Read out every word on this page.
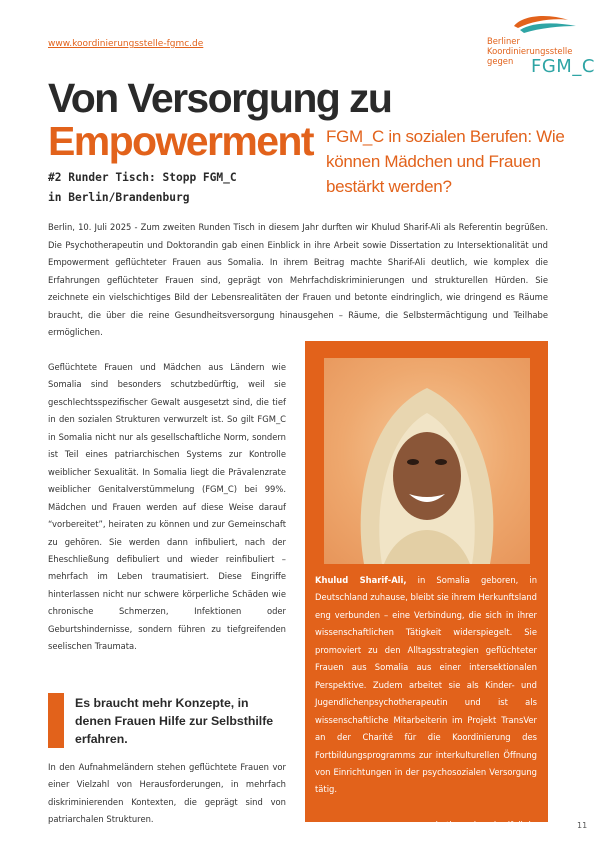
www.koordinierungsstelle-fgmc.de	Berliner
Koordinierungsstelle
gegen FGM_C
Von Versorgung zu
Empowerment FGM_C in sozialen Berufen: Wie können Mädchen und Frauen bestärkt werden?
#2 Runder Tisch: Stopp FGM_C
in Berlin/Brandenburg

Berlin, 10. Juli 2025 - Zum zweiten Runden Tisch in diesem Jahr durften wir Khulud Sharif-Ali als Referentin begrüßen. Die Psychotherapeutin und Doktorandin gab einen Einblick in ihre Arbeit sowie Dissertation zu Intersektionalität und Empowerment geflüchteter Frauen aus Somalia. In ihrem Beitrag machte Sharif-Ali deutlich, wie komplex die Erfahrungen geflüchteter Frauen sind, geprägt von Mehrfachdiskriminierungen und strukturellen Hürden. Sie zeichnete ein vielschichtiges Bild der Lebensrealitäten der Frauen und betonte eindringlich, wie dringend es Räume braucht, die über die reine Gesundheitsversorgung hinausgehen – Räume, die Selbstermächtigung und Teilhabe ermöglichen.

Geflüchtete Frauen und Mädchen aus Ländern wie Somalia sind besonders schutzbedürftig, weil sie geschlechtsspezifischer Gewalt ausgesetzt sind, die tief in den sozialen Strukturen verwurzelt ist. So gilt FGM_C in Somalia nicht nur als gesellschaftliche Norm, sondern ist Teil eines patriarchischen Systems zur Kontrolle weiblicher Sexualität. In Somalia liegt die Prävalenzrate weiblicher Genitalverstümmelung (FGM_C) bei 99%. Mädchen und Frauen werden auf diese Weise darauf “vorbereitet”, heiraten zu können und zur Gemeinschaft zu gehören. Sie werden dann infibuliert, nach der Eheschließung defibuliert und wieder reinfibuliert – mehrfach im Leben traumatisiert. Diese Eingriffe hinterlassen nicht nur schwere körperliche Schäden wie chronische Schmerzen, Infektionen oder Geburtshindernisse, sondern führen zu tiefgreifenden seelischen Traumata.

Es braucht mehr Konzepte, in denen Frauen Hilfe zur Selbsthilfe erfahren.

In den Aufnahmeländern stehen geflüchtete Frauen vor einer Vielzahl von Herausforderungen, in mehrfach diskriminierenden Kontexten, die geprägt sind von patriarchalen Strukturen.

Khulud Sharif-Ali, in Somalia geboren, in Deutschland zuhause, bleibt sie ihrem Herkunftsland eng verbunden – eine Verbindung, die sich in ihrer wissenschaftlichen Tätigkeit widerspiegelt. Sie promoviert zu den Alltagsstrategien geflüchteter Frauen aus Somalia aus einer intersektionalen Perspektive. Zudem arbeitet sie als Kinder- und Jugendlichenpsychotherapeutin und ist als wissenschaftliche Mitarbeiterin im Projekt TransVer an der Charité für die Koordinierung des Fortbildungsprogramms zur interkulturellen Öffnung von Einrichtungen in der psychosozialen Versorgung tätig.

psychotherapie@sharifali.de	11
